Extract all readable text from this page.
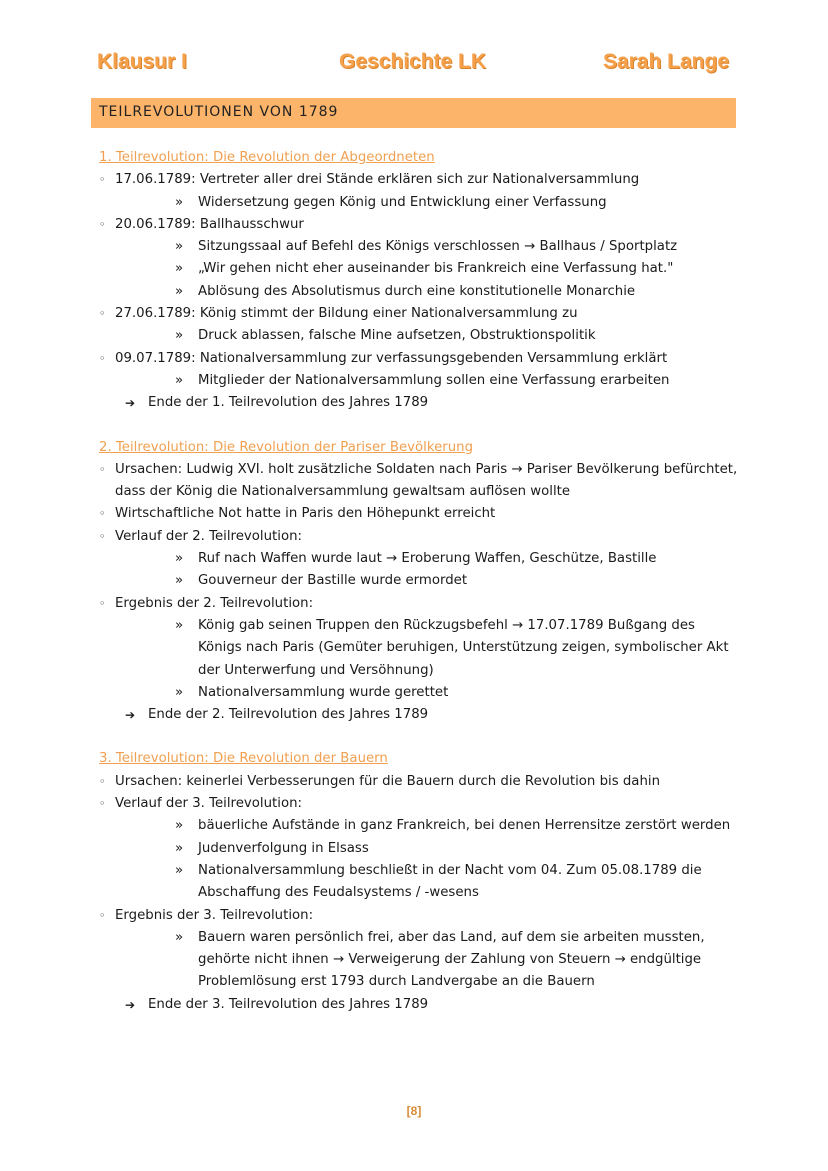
Klausur I	Geschichte LK	Sarah Lange
TEILREVOLUTIONEN VON 1789
1. Teilrevolution: Die Revolution der Abgeordneten
◦ 17.06.1789: Vertreter aller drei Stände erklären sich zur Nationalversammlung
» Widersetzung gegen König und Entwicklung einer Verfassung
◦ 20.06.1789: Ballhausschwur
» Sitzungssaal auf Befehl des Königs verschlossen → Ballhaus / Sportplatz
» „Wir gehen nicht eher auseinander bis Frankreich eine Verfassung hat."
» Ablösung des Absolutismus durch eine konstitutionelle Monarchie
◦ 27.06.1789: König stimmt der Bildung einer Nationalversammlung zu
» Druck ablassen, falsche Mine aufsetzen, Obstruktionspolitik
◦ 09.07.1789: Nationalversammlung zur verfassungsgebenden Versammlung erklärt
» Mitglieder der Nationalversammlung sollen eine Verfassung erarbeiten
➔ Ende der 1. Teilrevolution des Jahres 1789
2. Teilrevolution: Die Revolution der Pariser Bevölkerung
◦ Ursachen: Ludwig XVI. holt zusätzliche Soldaten nach Paris → Pariser Bevölkerung befürchtet,
dass der König die Nationalversammlung gewaltsam auflösen wollte
◦ Wirtschaftliche Not hatte in Paris den Höhepunkt erreicht
◦ Verlauf der 2. Teilrevolution:
» Ruf nach Waffen wurde laut → Eroberung Waffen, Geschütze, Bastille
» Gouverneur der Bastille wurde ermordet
◦ Ergebnis der 2. Teilrevolution:
» König gab seinen Truppen den Rückzugsbefehl → 17.07.1789 Bußgang des
Königs nach Paris (Gemüter beruhigen, Unterstützung zeigen, symbolischer Akt
der Unterwerfung und Versöhnung)
» Nationalversammlung wurde gerettet
➔ Ende der 2. Teilrevolution des Jahres 1789
3. Teilrevolution: Die Revolution der Bauern
◦ Ursachen: keinerlei Verbesserungen für die Bauern durch die Revolution bis dahin
◦ Verlauf der 3. Teilrevolution:
» bäuerliche Aufstände in ganz Frankreich, bei denen Herrensitze zerstört werden
» Judenverfolgung in Elsass
» Nationalversammlung beschließt in der Nacht vom 04. Zum 05.08.1789 die
Abschaffung des Feudalsystems / -wesens
◦ Ergebnis der 3. Teilrevolution:
» Bauern waren persönlich frei, aber das Land, auf dem sie arbeiten mussten,
gehörte nicht ihnen → Verweigerung der Zahlung von Steuern → endgültige
Problemlösung erst 1793 durch Landvergabe an die Bauern
➔ Ende der 3. Teilrevolution des Jahres 1789
[8]
